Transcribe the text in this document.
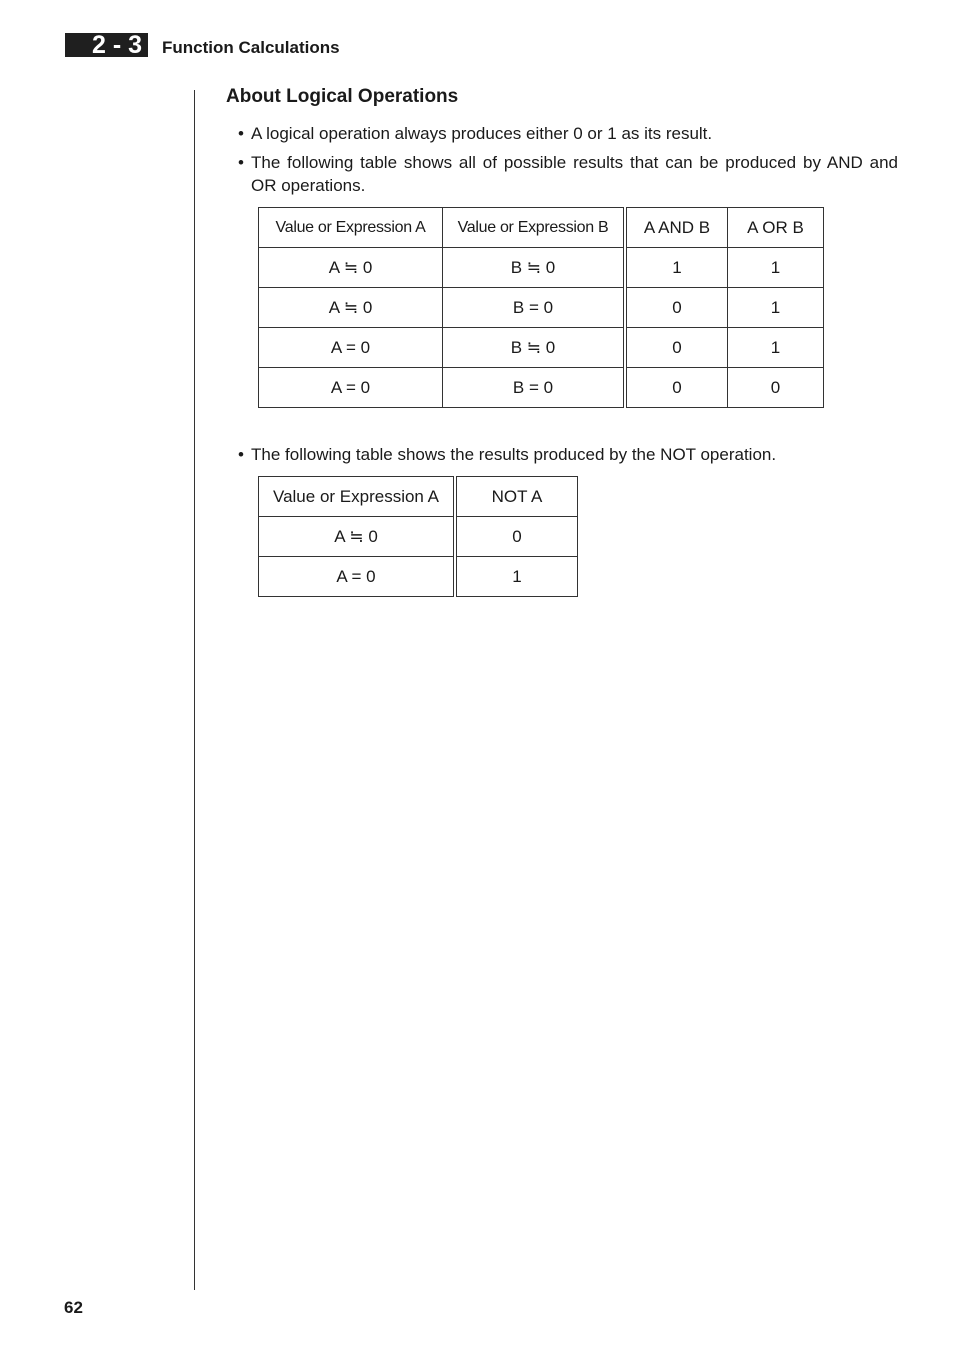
2 - 3	Function Calculations
About Logical Operations
• A logical operation always produces either 0 or 1 as its result.
• The following table shows all of possible results that can be produced by AND and OR operations.
Value or Expression A	Value or Expression B	A AND B	A OR B
A ≒ 0	B ≒ 0	1	1
A ≒ 0	B = 0	0	1
A = 0	B ≒ 0	0	1
A = 0	B = 0	0	0
• The following table shows the results produced by the NOT operation.
Value or Expression A	NOT A
A ≒ 0	0
A = 0	1
62
